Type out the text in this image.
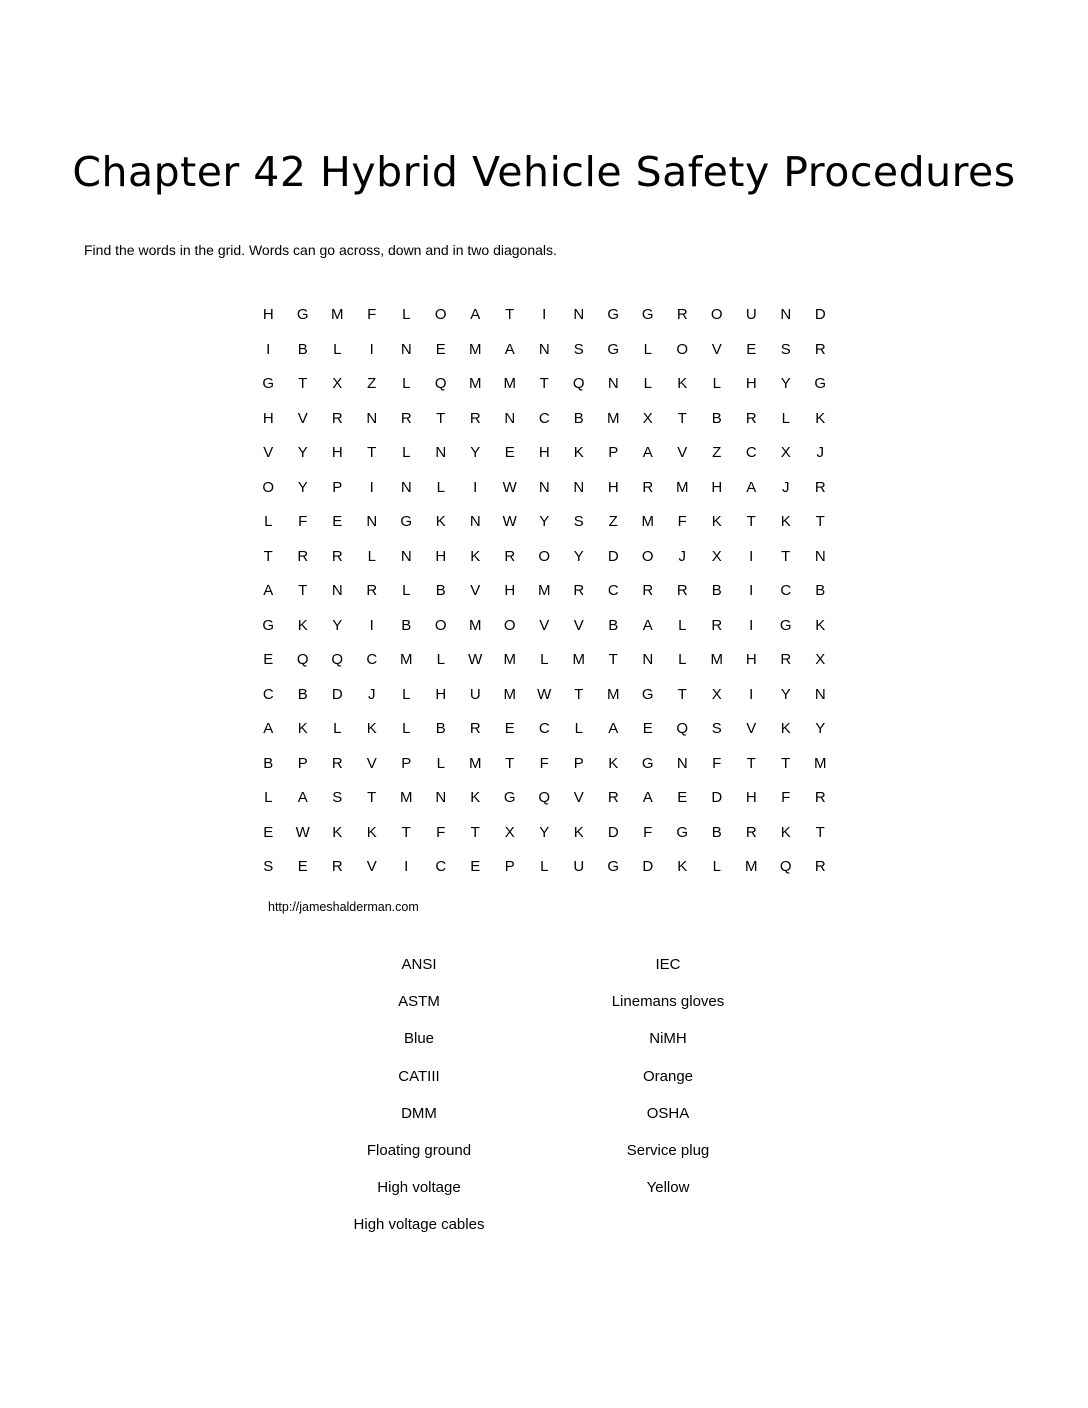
Chapter 42 Hybrid Vehicle Safety Procedures

Find the words in the grid. Words can go across, down and in two diagonals.

H	G	M	F	L	O	A	T	I	N	G	G	R	O	U	N	D
I	B	L	I	N	E	M	A	N	S	G	L	O	V	E	S	R
G	T	X	Z	L	Q	M	M	T	Q	N	L	K	L	H	Y	G
H	V	R	N	R	T	R	N	C	B	M	X	T	B	R	L	K
V	Y	H	T	L	N	Y	E	H	K	P	A	V	Z	C	X	J
O	Y	P	I	N	L	I	W	N	N	H	R	M	H	A	J	R
L	F	E	N	G	K	N	W	Y	S	Z	M	F	K	T	K	T
T	R	R	L	N	H	K	R	O	Y	D	O	J	X	I	T	N
A	T	N	R	L	B	V	H	M	R	C	R	R	B	I	C	B
G	K	Y	I	B	O	M	O	V	V	B	A	L	R	I	G	K
E	Q	Q	C	M	L	W	M	L	M	T	N	L	M	H	R	X
C	B	D	J	L	H	U	M	W	T	M	G	T	X	I	Y	N
A	K	L	K	L	B	R	E	C	L	A	E	Q	S	V	K	Y
B	P	R	V	P	L	M	T	F	P	K	G	N	F	T	T	M
L	A	S	T	M	N	K	G	Q	V	R	A	E	D	H	F	R
E	W	K	K	T	F	T	X	Y	K	D	F	G	B	R	K	T
S	E	R	V	I	C	E	P	L	U	G	D	K	L	M	Q	R

http://jameshalderman.com

ANSI
ASTM
Blue
CATIII
DMM
Floating ground
High voltage
High voltage cables
IEC
Linemans gloves
NiMH
Orange
OSHA
Service plug
Yellow
